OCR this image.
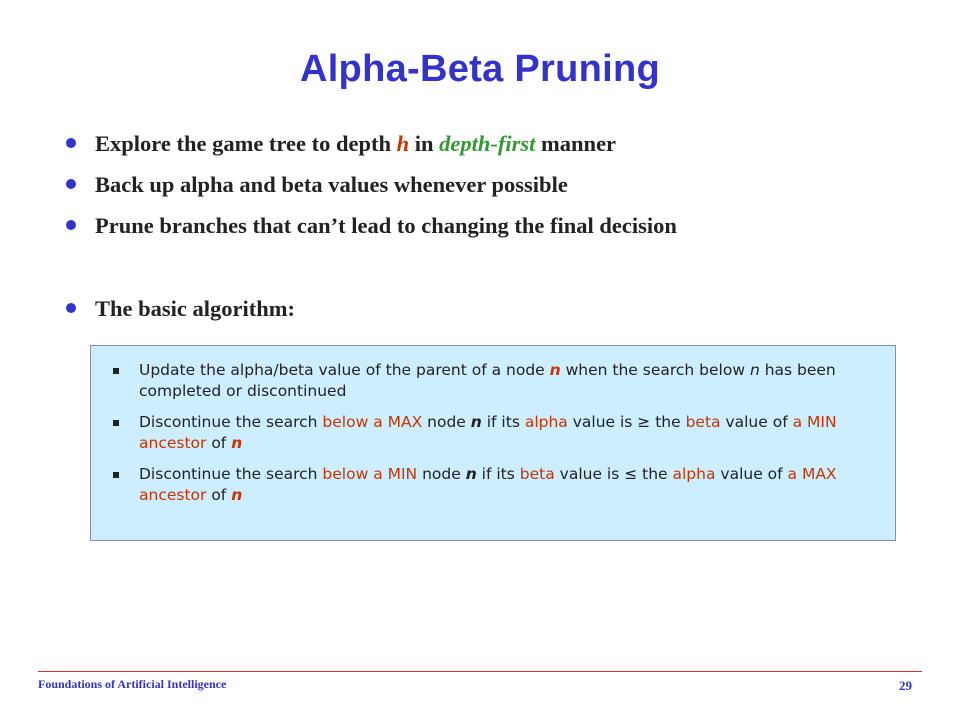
Alpha-Beta Pruning
Explore the game tree to depth h in depth-first manner
Back up alpha and beta values whenever possible
Prune branches that can’t lead to changing the final decision
The basic algorithm:
Update the alpha/beta value of the parent of a node n when the search below n has been completed or discontinued
Discontinue the search below a MAX node n if its alpha value is ≥ the beta value of a MIN ancestor of n
Discontinue the search below a MIN node n if its beta value is ≤ the alpha value of a MAX ancestor of n
Foundations of Artificial Intelligence	29
